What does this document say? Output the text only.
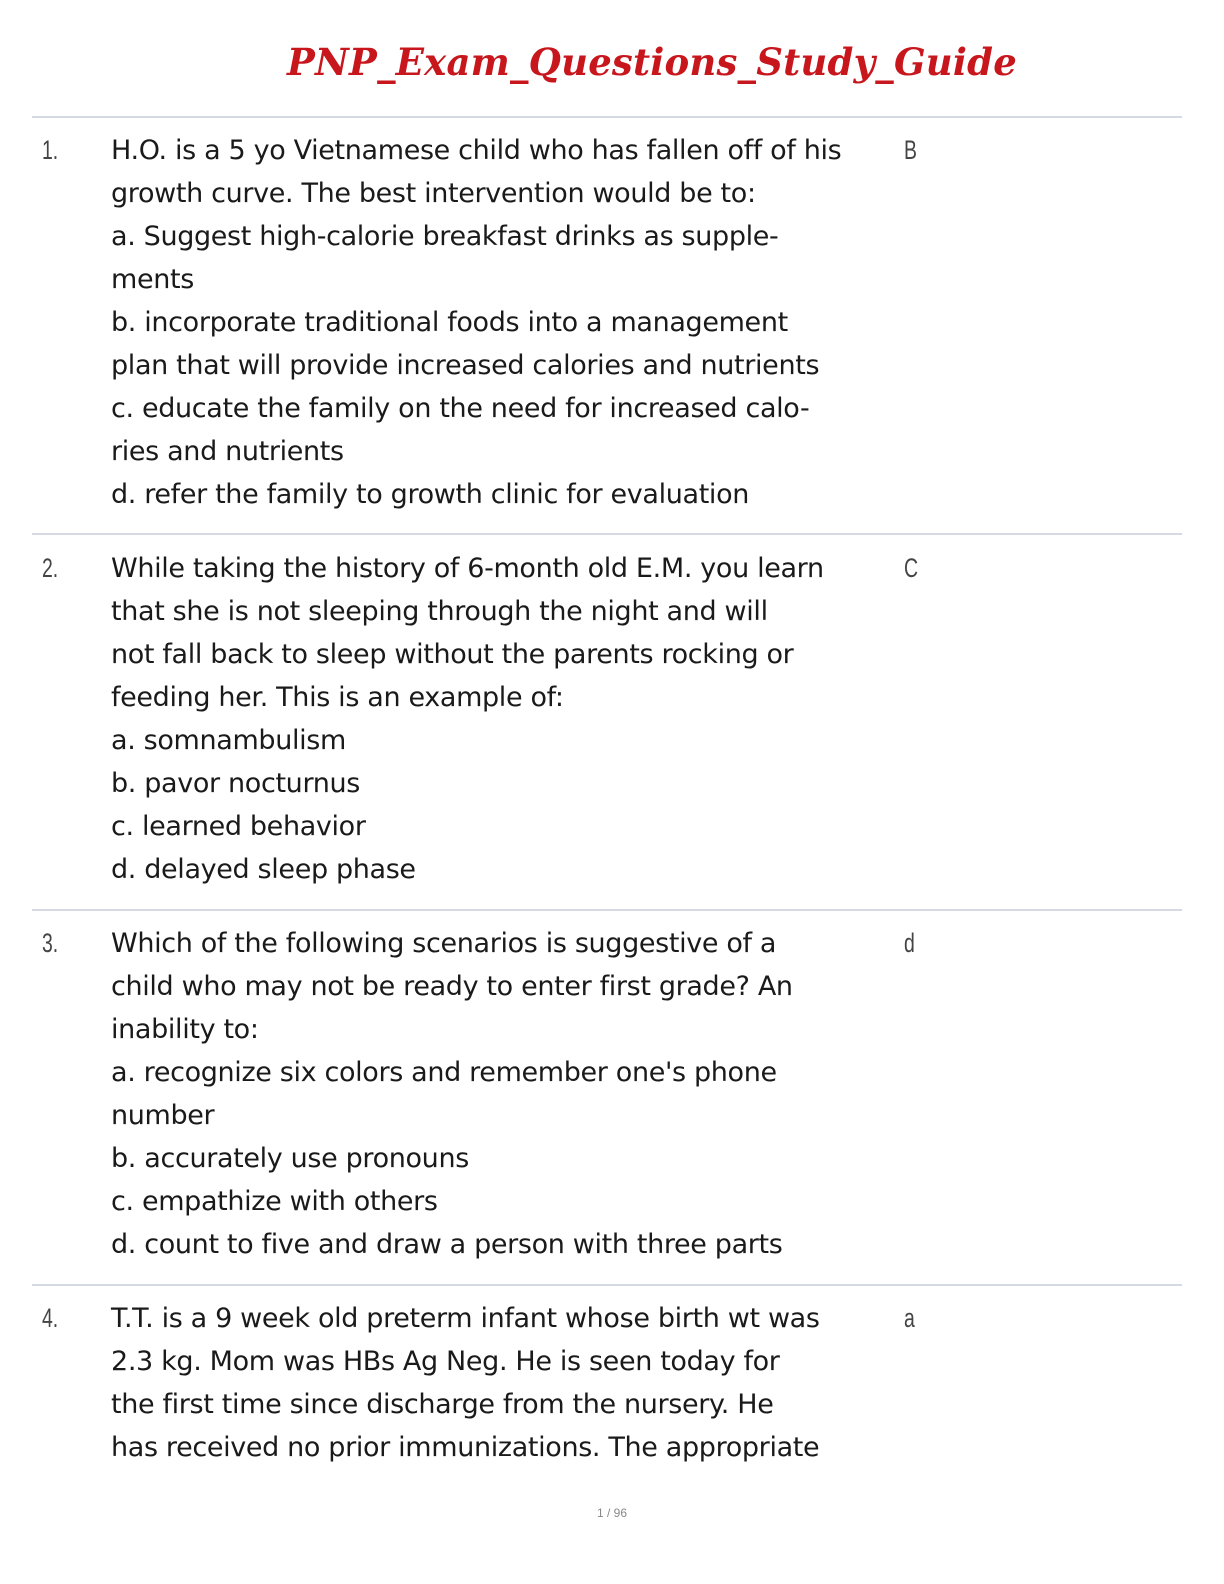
PNP_Exam_Questions_Study_Guide
1. H.O. is a 5 yo Vietnamese child who has fallen off of his
growth curve. The best intervention would be to:
a. Suggest high-calorie breakfast drinks as supple-
ments
b. incorporate traditional foods into a management
plan that will provide increased calories and nutrients
c. educate the family on the need for increased calo-
ries and nutrients
d. refer the family to growth clinic for evaluation
B
2. While taking the history of 6-month old E.M. you learn
that she is not sleeping through the night and will
not fall back to sleep without the parents rocking or
feeding her. This is an example of:
a. somnambulism
b. pavor nocturnus
c. learned behavior
d. delayed sleep phase
C
3. Which of the following scenarios is suggestive of a
child who may not be ready to enter first grade? An
inability to:
a. recognize six colors and remember one's phone
number
b. accurately use pronouns
c. empathize with others
d. count to five and draw a person with three parts
d
4. T.T. is a 9 week old preterm infant whose birth wt was
2.3 kg. Mom was HBs Ag Neg. He is seen today for
the first time since discharge from the nursery. He
has received no prior immunizations. The appropriate
a
1 / 96
